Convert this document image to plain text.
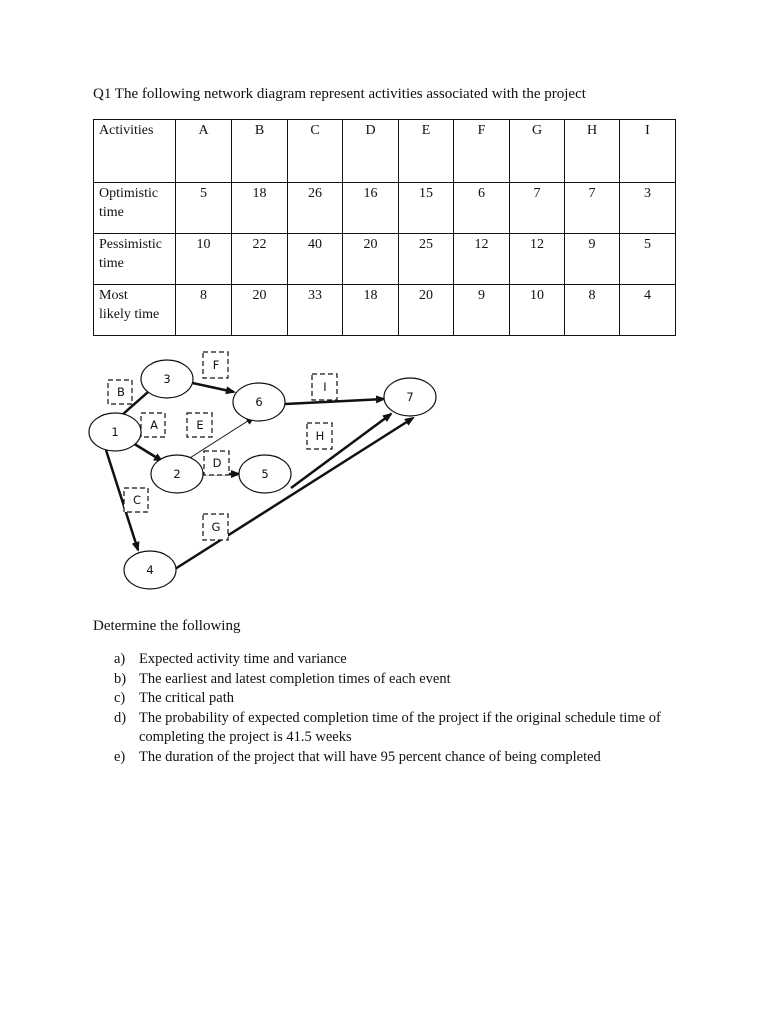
Q1 The following network diagram represent activities associated with the project
Activities	A	B	C	D	E	F	G	H	I
Optimistic
time	5	18	26	16	15	6	7	7	3
Pessimistic
time	10	22	40	20	25	12	12	9	5
Most
likely time	8	20	33	18	20	9	10	8	4
1
2
3
4
5
6	7
A
B
C
D
E
F
G
H
I
Determine the following
a) Expected activity time and variance
b) The earliest and latest completion times of each event
c) The critical path
d) The probability of expected completion time of the project if the original schedule time of completing the project is 41.5 weeks
e) The duration of the project that will have 95 percent chance of being completed
